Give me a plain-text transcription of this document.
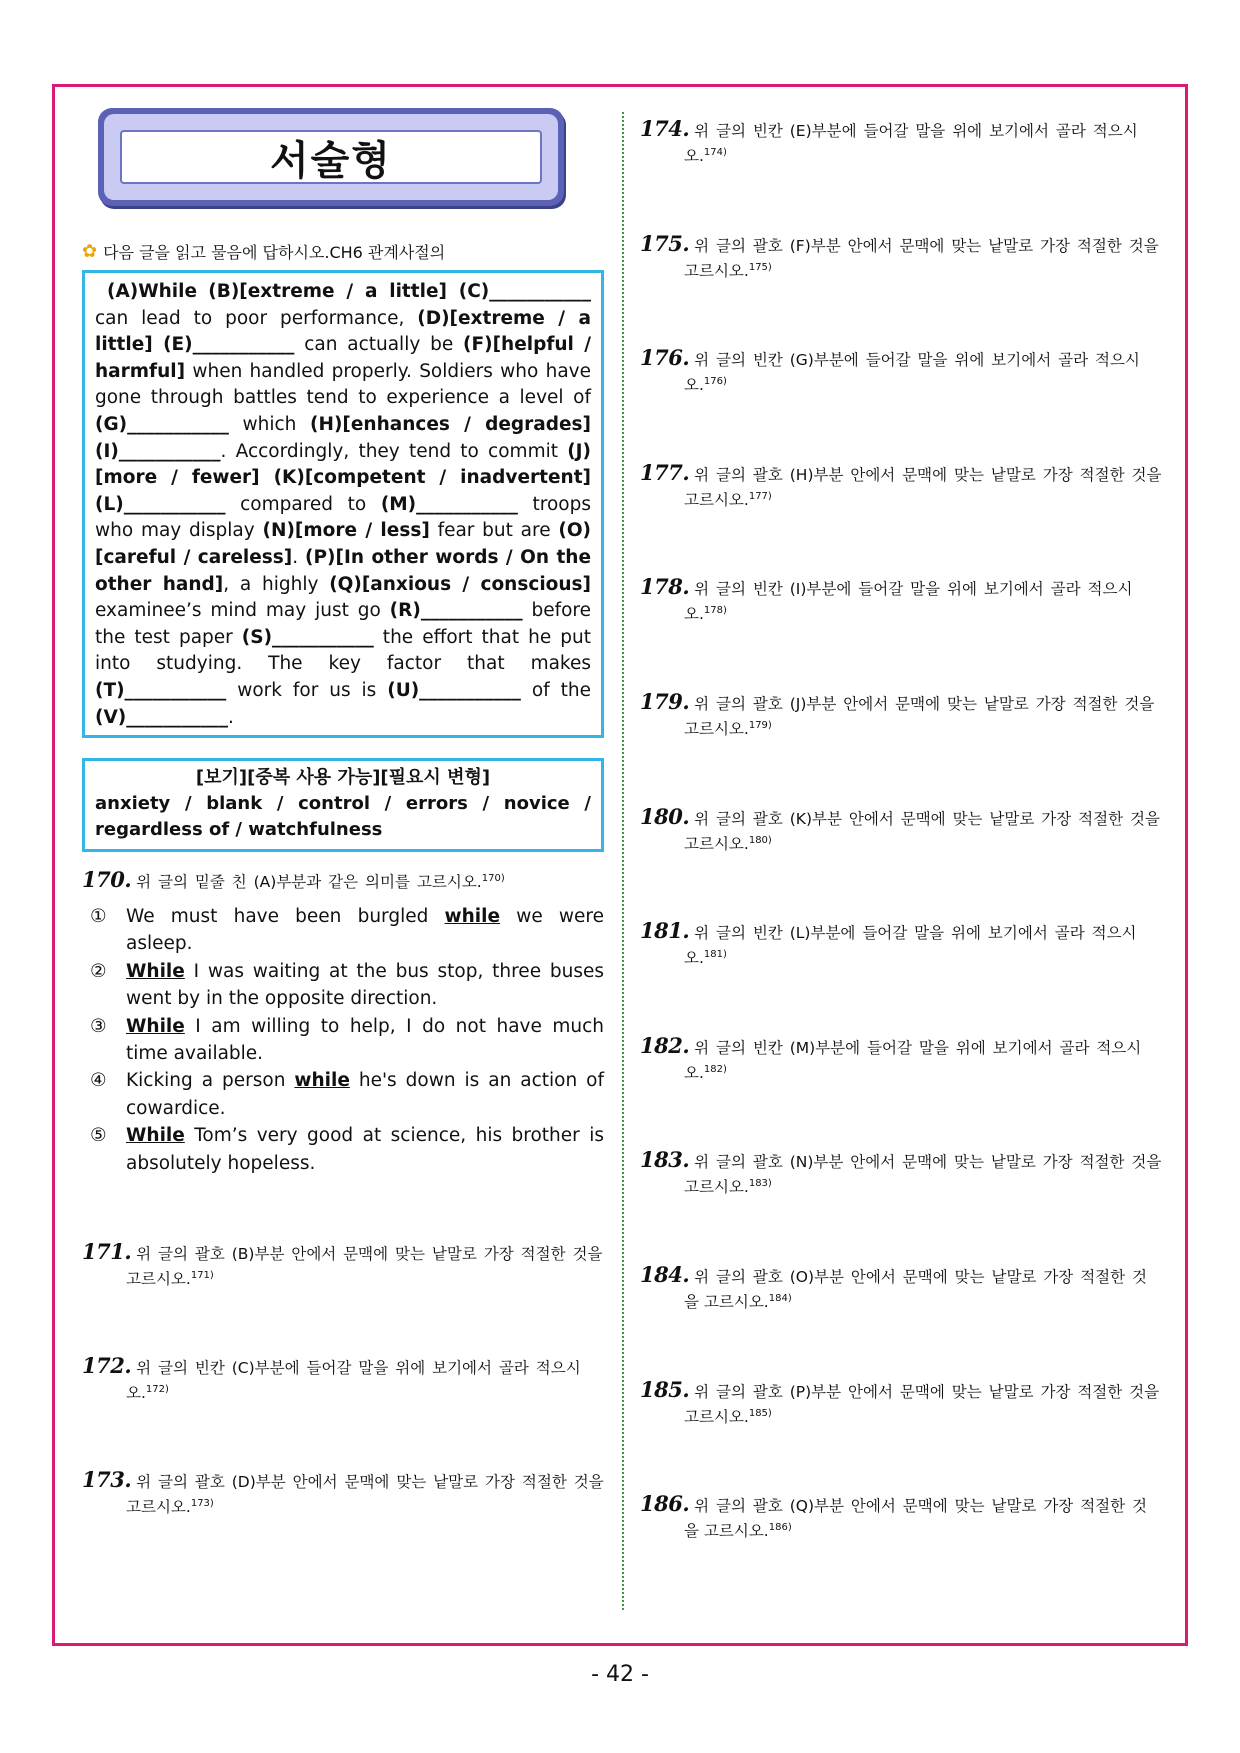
서술형
✿ 다음 글을 읽고 물음에 답하시오.CH6 관계사절의
(A)While (B)[extreme / a little] (C)___________ can lead to poor performance, (D)[extreme / a little] (E)___________ can actually be (F)[helpful / harmful] when handled properly. Soldiers who have gone through battles tend to experience a level of (G)___________ which (H)[enhances / degrades] (I)___________. Accordingly, they tend to commit (J)[more / fewer] (K)[competent / inadvertent] (L)___________ compared to (M)___________ troops who may display (N)[more / less] fear but are (O)[careful / careless]. (P)[In other words / On the other hand], a highly (Q)[anxious / conscious] examinee’s mind may just go (R)___________ before the test paper (S)___________ the effort that he put into studying. The key factor that makes (T)___________ work for us is (U)___________ of the (V)___________.
[보기][중복 사용 가능][필요시 변형]
anxiety / blank / control / errors / novice / regardless of / watchfulness
170. 위 글의 밑줄 친 (A)부분과 같은 의미를 고르시오.$^{170)}$
①	We must have been burgled while we were asleep.
②	While I was waiting at the bus stop, three buses went by in the opposite direction.
③	While I am willing to help, I do not have much time available.
④	Kicking a person while he's down is an action of cowardice.
⑤	While Tom’s very good at science, his brother is absolutely hopeless.
171. 위 글의 괄호 (B)부분 안에서 문맥에 맞는 낱말로 가장 적절한 것을
고르시오.$^{171)}$
172. 위 글의 빈칸 (C)부분에 들어갈 말을 위에 보기에서 골라 적으시
오.$^{172)}$
173. 위 글의 괄호 (D)부분 안에서 문맥에 맞는 낱말로 가장 적절한 것을
고르시오.$^{173)}$
174. 위 글의 빈칸 (E)부분에 들어갈 말을 위에 보기에서 골라 적으시
오.$^{174)}$
175. 위 글의 괄호 (F)부분 안에서 문맥에 맞는 낱말로 가장 적절한 것을
고르시오.$^{175)}$
176. 위 글의 빈칸 (G)부분에 들어갈 말을 위에 보기에서 골라 적으시
오.$^{176)}$
177. 위 글의 괄호 (H)부분 안에서 문맥에 맞는 낱말로 가장 적절한 것을
고르시오.$^{177)}$
178. 위 글의 빈칸 (I)부분에 들어갈 말을 위에 보기에서 골라 적으시
오.$^{178)}$
179. 위 글의 괄호 (J)부분 안에서 문맥에 맞는 낱말로 가장 적절한 것을
고르시오.$^{179)}$
180. 위 글의 괄호 (K)부분 안에서 문맥에 맞는 낱말로 가장 적절한 것을
고르시오.$^{180)}$
181. 위 글의 빈칸 (L)부분에 들어갈 말을 위에 보기에서 골라 적으시
오.$^{181)}$
182. 위 글의 빈칸 (M)부분에 들어갈 말을 위에 보기에서 골라 적으시
오.$^{182)}$
183. 위 글의 괄호 (N)부분 안에서 문맥에 맞는 낱말로 가장 적절한 것을
고르시오.$^{183)}$
184. 위 글의 괄호 (O)부분 안에서 문맥에 맞는 낱말로 가장 적절한 것
을 고르시오.$^{184)}$
185. 위 글의 괄호 (P)부분 안에서 문맥에 맞는 낱말로 가장 적절한 것을
고르시오.$^{185)}$
186. 위 글의 괄호 (Q)부분 안에서 문맥에 맞는 낱말로 가장 적절한 것
을 고르시오.$^{186)}$
- 42 -
